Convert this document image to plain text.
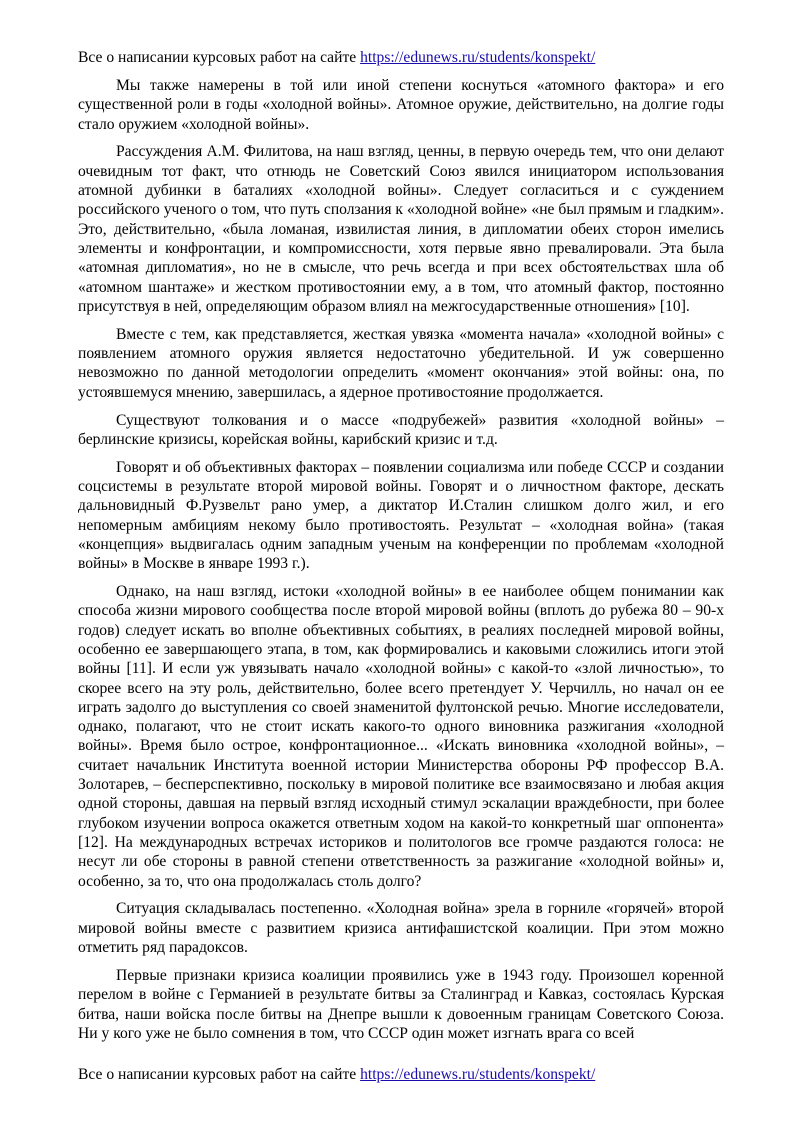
Все о написании курсовых работ на сайте https://edunews.ru/students/konspekt/

Мы также намерены в той или иной степени коснуться «атомного фактора» и его существенной роли в годы «холодной войны». Атомное оружие, действительно, на долгие годы стало оружием «холодной войны».

Рассуждения А.М. Филитова, на наш взгляд, ценны, в первую очередь тем, что они делают очевидным тот факт, что отнюдь не Советский Союз явился инициатором использования атомной дубинки в баталиях «холодной войны». Следует согласиться и с суждением российского ученого о том, что путь сползания к «холодной войне» «не был прямым и гладким». Это, действительно, «была ломаная, извилистая линия, в дипломатии обеих сторон имелись элементы и конфронтации, и компромиссности, хотя первые явно превалировали. Эта была «атомная дипломатия», но не в смысле, что речь всегда и при всех обстоятельствах шла об «атомном шантаже» и жестком противостоянии ему, а в том, что атомный фактор, постоянно присутствуя в ней, определяющим образом влиял на межгосударственные отношения» [10].

Вместе с тем, как представляется, жесткая увязка «момента начала» «холодной войны» с появлением атомного оружия является недостаточно убедительной. И уж совершенно невозможно по данной методологии определить «момент окончания» этой войны: она, по устоявшемуся мнению, завершилась, а ядерное противостояние продолжается.

Существуют толкования и о массе «подрубежей» развития «холодной войны» – берлинские кризисы, корейская войны, карибский кризис и т.д.

Говорят и об объективных факторах – появлении социализма или победе СССР и создании соцсистемы в результате второй мировой войны. Говорят и о личностном факторе, дескать дальновидный Ф.Рузвельт рано умер, а диктатор И.Сталин слишком долго жил, и его непомерным амбициям некому было противостоять. Результат – «холодная война» (такая «концепция» выдвигалась одним западным ученым на конференции по проблемам «холодной войны» в Москве в январе 1993 г.).

Однако, на наш взгляд, истоки «холодной войны» в ее наиболее общем понимании как способа жизни мирового сообщества после второй мировой войны (вплоть до рубежа 80 – 90-х годов) следует искать во вполне объективных событиях, в реалиях последней мировой войны, особенно ее завершающего этапа, в том, как формировались и каковыми сложились итоги этой войны [11]. И если уж увязывать начало «холодной войны» с какой-то «злой личностью», то скорее всего на эту роль, действительно, более всего претендует У. Черчилль, но начал он ее играть задолго до выступления со своей знаменитой фултонской речью. Многие исследователи, однако, полагают, что не стоит искать какого-то одного виновника разжигания «холодной войны». Время было острое, конфронтационное... «Искать виновника «холодной войны», – считает начальник Института военной истории Министерства обороны РФ профессор В.А. Золотарев, – бесперспективно, поскольку в мировой политике все взаимосвязано и любая акция одной стороны, давшая на первый взгляд исходный стимул эскалации враждебности, при более глубоком изучении вопроса окажется ответным ходом на какой-то конкретный шаг оппонента» [12]. На международных встречах историков и политологов все громче раздаются голоса: не несут ли обе стороны в равной степени ответственность за разжигание «холодной войны» и, особенно, за то, что она продолжалась столь долго?

Ситуация складывалась постепенно. «Холодная война» зрела в горниле «горячей» второй мировой войны вместе с развитием кризиса антифашистской коалиции. При этом можно отметить ряд парадоксов.

Первые признаки кризиса коалиции проявились уже в 1943 году. Произошел коренной перелом в войне с Германией в результате битвы за Сталинград и Кавказ, состоялась Курская битва, наши войска после битвы на Днепре вышли к довоенным границам Советского Союза. Ни у кого уже не было сомнения в том, что СССР один может изгнать врага со всей

Все о написании курсовых работ на сайте https://edunews.ru/students/konspekt/
